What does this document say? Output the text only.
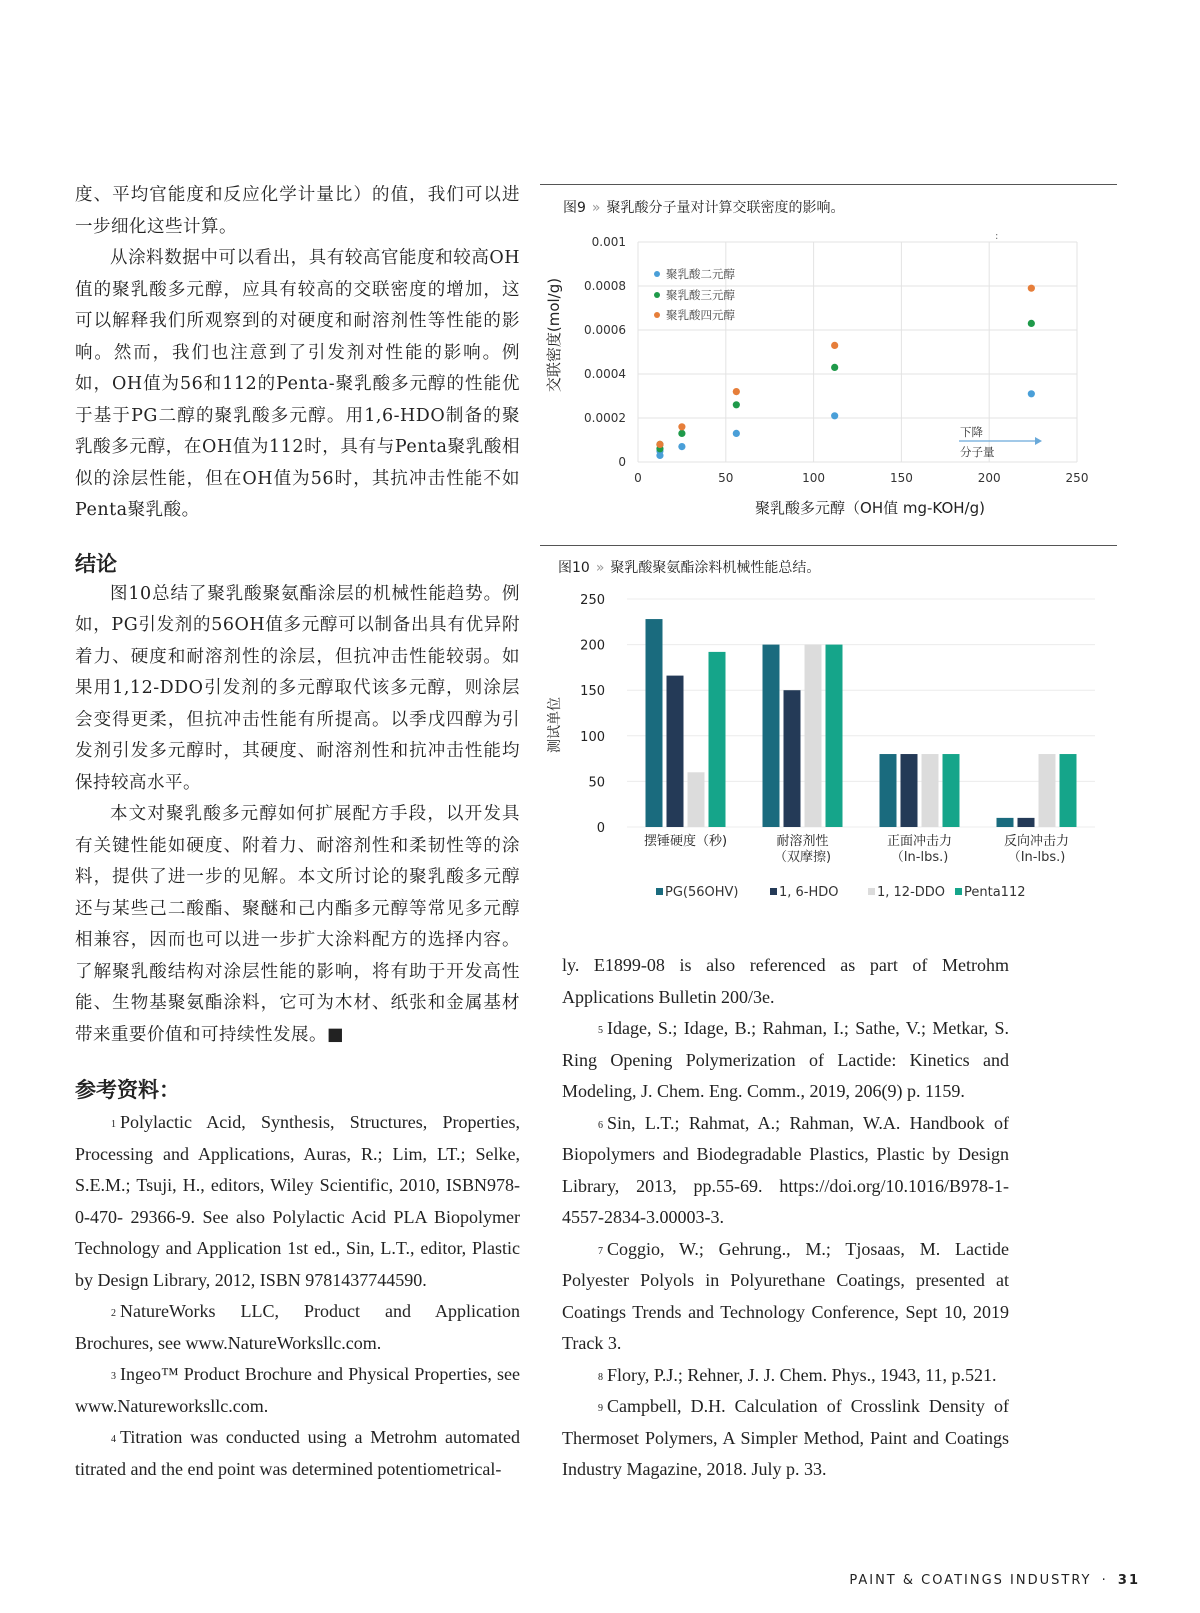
度、平均官能度和反应化学计量比）的值，我们可以进一步细化这些计算。

从涂料数据中可以看出，具有较高官能度和较高OH值的聚乳酸多元醇，应具有较高的交联密度的增加，这可以解释我们所观察到的对硬度和耐溶剂性等性能的影响。然而，我们也注意到了引发剂对性能的影响。例如，OH值为56和112的Penta-聚乳酸多元醇的性能优于基于PG二醇的聚乳酸多元醇。用1,6-HDO制备的聚乳酸多元醇，在OH值为112时，具有与Penta聚乳酸相似的涂层性能，但在OH值为56时，其抗冲击性能不如Penta聚乳酸。

结论

图10总结了聚乳酸聚氨酯涂层的机械性能趋势。例如，PG引发剂的56OH值多元醇可以制备出具有优异附着力、硬度和耐溶剂性的涂层，但抗冲击性能较弱。如果用1,12-DDO引发剂的多元醇取代该多元醇，则涂层会变得更柔，但抗冲击性能有所提高。以季戊四醇为引发剂引发多元醇时，其硬度、耐溶剂性和抗冲击性能均保持较高水平。

本文对聚乳酸多元醇如何扩展配方手段，以开发具有关键性能如硬度、附着力、耐溶剂性和柔韧性等的涂料，提供了进一步的见解。本文所讨论的聚乳酸多元醇还与某些己二酸酯、聚醚和己内酯多元醇等常见多元醇相兼容，因而也可以进一步扩大涂料配方的选择内容。了解聚乳酸结构对涂层性能的影响，将有助于开发高性能、生物基聚氨酯涂料，它可为木材、纸张和金属基材带来重要价值和可持续性发展。■

参考资料：

$^1$ Polylactic Acid, Synthesis, Structures, Properties, Processing and Applications, Auras, R.; Lim, LT.; Selke, S.E.M.; Tsuji, H., editors, Wiley Scientific, 2010, ISBN978-0-470- 29366-9. See also Polylactic Acid PLA Biopolymer Technology and Application 1st ed., Sin, L.T., editor, Plastic by Design Library, 2012, ISBN 9781437744590.

$^2$ NatureWorks LLC, Product and Application Brochures, see www.NatureWorksllc.com.

$^3$ Ingeo™ Product Brochure and Physical Properties, see www.Natureworksllc.com.

$^4$ Titration was conducted using a Metrohm automated titrated and the end point was determined potentiometrical-

图9 » 聚乳酸分子量对计算交联密度的影响。
0
0.0002
0.0004
0.0006
0.0008
0.001
0	50	100	150	200	250
交联密度(mol/g)
聚乳酸多元醇（OH值 mg-KOH/g)
:
聚乳酸二元醇
聚乳酸三元醇
聚乳酸四元醇
下降
分子量
图10 » 聚乳酸聚氨酯涂料机械性能总结。
0
50
100
150
200
250
摆锤硬度（秒)	耐溶剂性
（双摩擦)
正面冲击力
（In-lbs.)
反向冲击力
（In-lbs.)
测试单位
PG(56OHV)	1, 6-HDO	1, 12-DDO Penta112

ly. E1899-08 is also referenced as part of Metrohm Applications Bulletin 200/3e.

$^5$ Idage, S.; Idage, B.; Rahman, I.; Sathe, V.; Metkar, S. Ring Opening Polymerization of Lactide: Kinetics and Modeling, J. Chem. Eng. Comm., 2019, 206(9) p. 1159.

$^6$ Sin, L.T.; Rahmat, A.; Rahman, W.A. Handbook of Biopolymers and Biodegradable Plastics, Plastic by Design Library, 2013, pp.55-69. https://doi.org/10.1016/B978-1-4557-2834-3.00003-3.

$^7$ Coggio, W.; Gehrung., M.; Tjosaas, M. Lactide Polyester Polyols in Polyurethane Coatings, presented at Coatings Trends and Technology Conference, Sept 10, 2019 Track 3.

$^8$ Flory, P.J.; Rehner, J. J. Chem. Phys., 1943, 11, p.521.

$^9$ Campbell, D.H. Calculation of Crosslink Density of Thermoset Polymers, A Simpler Method, Paint and Coatings Industry Magazine, 2018. July p. 33.

PAINT & COATINGS INDUSTRY · 31
